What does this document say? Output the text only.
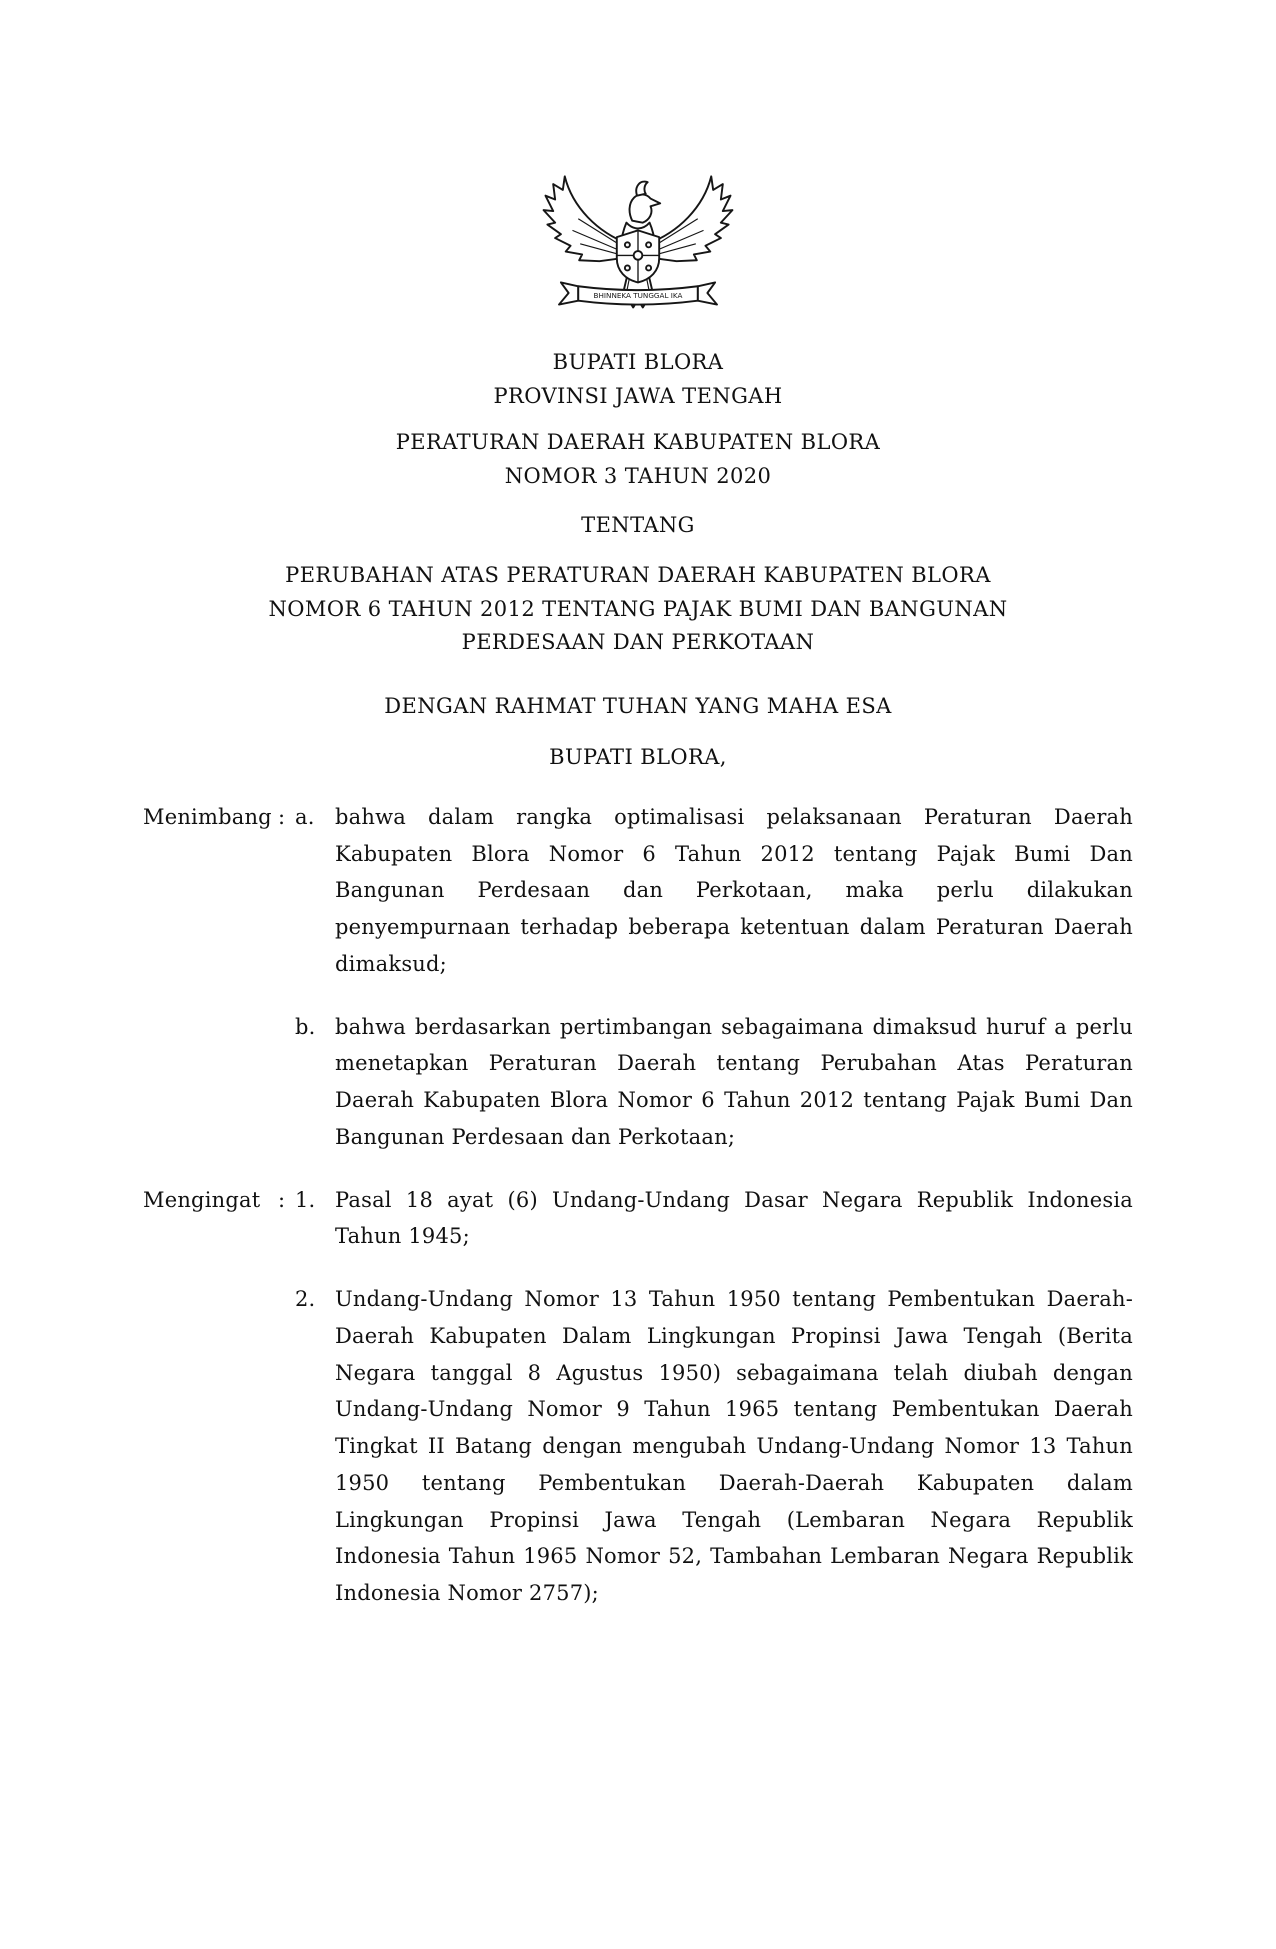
BHINNEKA TUNGGAL IKA
BUPATI BLORA
PROVINSI JAWA TENGAH
PERATURAN DAERAH KABUPATEN BLORA
NOMOR 3 TAHUN 2020
TENTANG
PERUBAHAN ATAS PERATURAN DAERAH KABUPATEN BLORA NOMOR 6 TAHUN 2012 TENTANG PAJAK BUMI DAN BANGUNAN PERDESAAN DAN PERKOTAAN
DENGAN RAHMAT TUHAN YANG MAHA ESA
BUPATI BLORA,
Menimbang : a. bahwa dalam rangka optimalisasi pelaksanaan Peraturan Daerah Kabupaten Blora Nomor 6 Tahun 2012 tentang Pajak Bumi Dan Bangunan Perdesaan dan Perkotaan, maka perlu dilakukan penyempurnaan terhadap beberapa ketentuan dalam Peraturan Daerah dimaksud;
b. bahwa berdasarkan pertimbangan sebagaimana dimaksud huruf a perlu menetapkan Peraturan Daerah tentang Perubahan Atas Peraturan Daerah Kabupaten Blora Nomor 6 Tahun 2012 tentang Pajak Bumi Dan Bangunan Perdesaan dan Perkotaan;
Mengingat : 1. Pasal 18 ayat (6) Undang-Undang Dasar Negara Republik Indonesia Tahun 1945;
2. Undang-Undang Nomor 13 Tahun 1950 tentang Pembentukan Daerah-Daerah Kabupaten Dalam Lingkungan Propinsi Jawa Tengah (Berita Negara tanggal 8 Agustus 1950) sebagaimana telah diubah dengan Undang-Undang Nomor 9 Tahun 1965 tentang Pembentukan Daerah Tingkat II Batang dengan mengubah Undang-Undang Nomor 13 Tahun 1950 tentang Pembentukan Daerah-Daerah Kabupaten dalam Lingkungan Propinsi Jawa Tengah (Lembaran Negara Republik Indonesia Tahun 1965 Nomor 52, Tambahan Lembaran Negara Republik Indonesia Nomor 2757);
